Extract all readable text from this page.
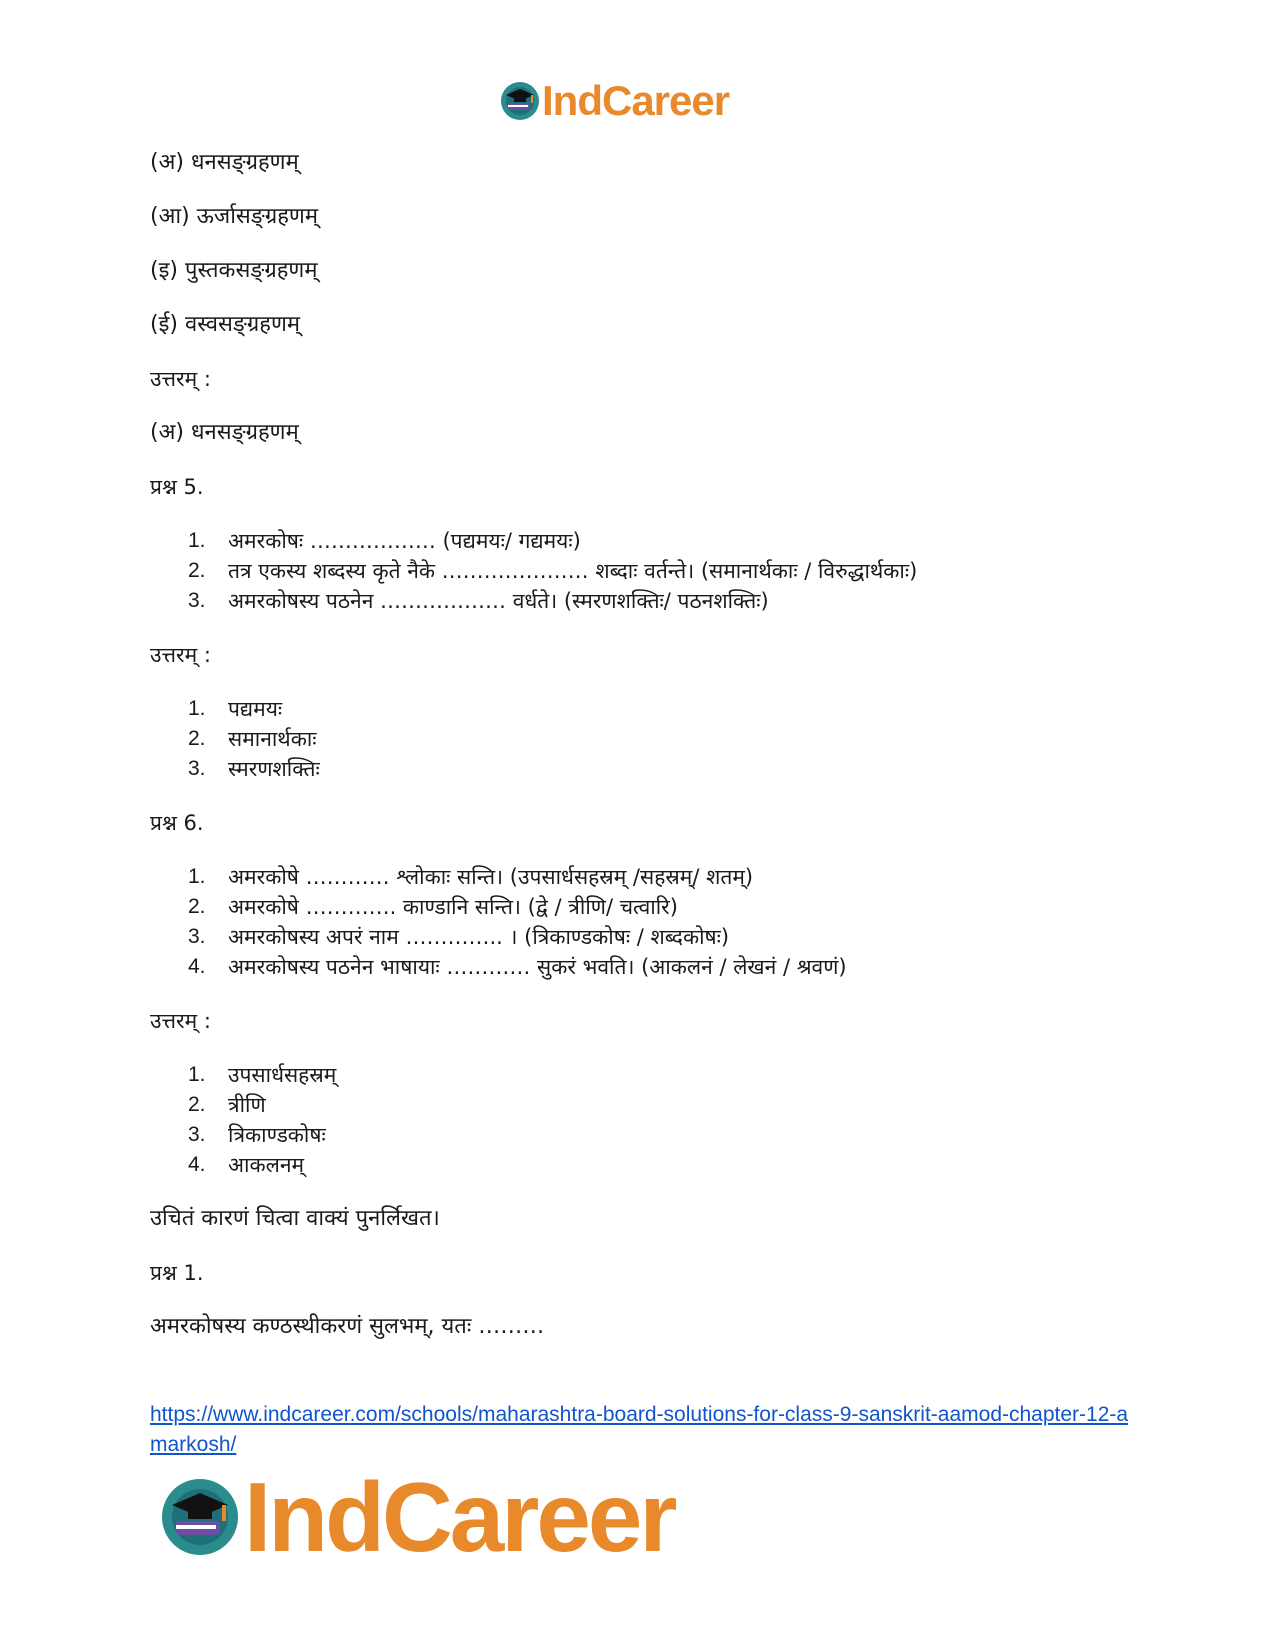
IndCareer
(अ) धनसङ्ग्रहणम्
(आ) ऊर्जासङ्ग्रहणम्
(इ) पुस्तकसङ्ग्रहणम्
(ई) वस्वसङ्ग्रहणम्
उत्तरम् :
(अ) धनसङ्ग्रहणम्
प्रश्न 5.
1.	अमरकोषः ……………… (पद्यमयः/ गद्यमयः)
2.	तत्र एकस्य शब्दस्य कृते नैके ………………… शब्दाः वर्तन्ते। (समानार्थकाः / विरुद्धार्थकाः)
3.	अमरकोषस्य पठनेन ……………… वर्धते। (स्मरणशक्तिः/ पठनशक्तिः)
उत्तरम् :
1.	पद्यमयः
2.	समानार्थकाः
3.	स्मरणशक्तिः
प्रश्न 6.
1.	अमरकोषे ………… श्लोकाः सन्ति। (उपसार्धसहस्रम् /सहस्रम्/ शतम्)
2.	अमरकोषे …………. काण्डानि सन्ति। (द्वे / त्रीणि/ चत्वारि)
3.	अमरकोषस्य अपरं नाम ………….. । (त्रिकाण्डकोषः / शब्दकोषः)
4.	अमरकोषस्य पठनेन भाषायाः ………… सुकरं भवति। (आकलनं / लेखनं / श्रवणं)
उत्तरम् :
1.	उपसार्धसहस्रम्
2.	त्रीणि
3.	त्रिकाण्डकोषः
4.	आकलनम्
उचितं कारणं चित्वा वाक्यं पुनर्लिखत।
प्रश्न 1.
अमरकोषस्य कण्ठस्थीकरणं सुलभम्, यतः ………
https://www.indcareer.com/schools/maharashtra-board-solutions-for-class-9-sanskrit-aamod-chapter-12-amarkosh/
IndCareer
